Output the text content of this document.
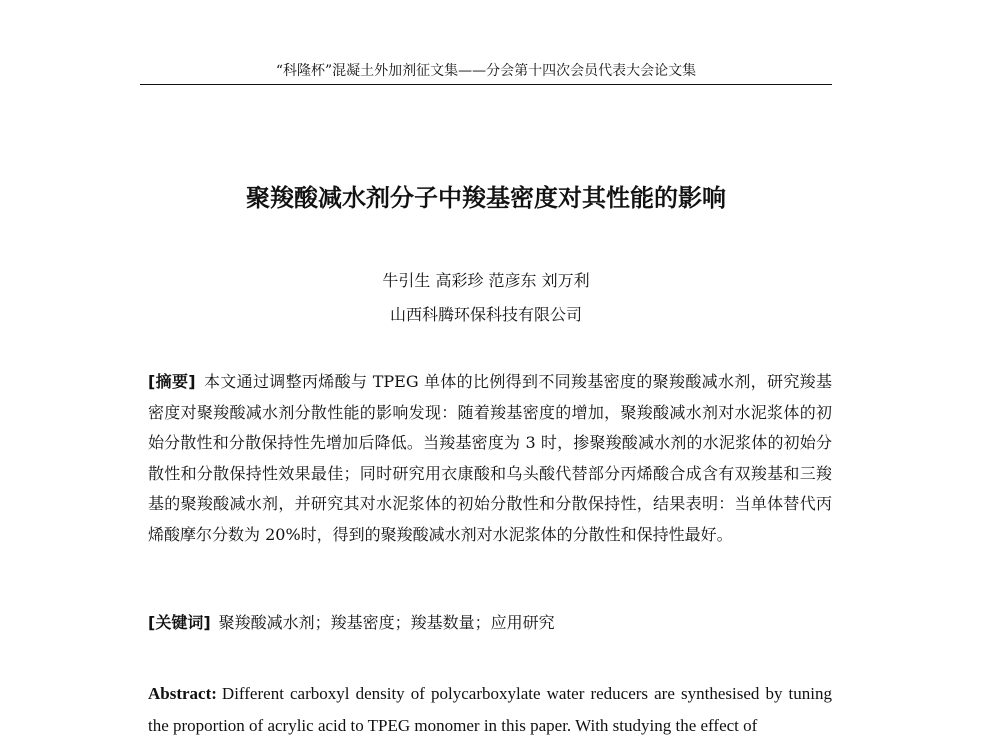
“科隆杯”混凝土外加剂征文集——分会第十四次会员代表大会论文集
聚羧酸减水剂分子中羧基密度对其性能的影响
牛引生 高彩珍 范彦东 刘万利
山西科腾环保科技有限公司

[摘要] 本文通过调整丙烯酸与 TPEG 单体的比例得到不同羧基密度的聚羧酸减水剂，研究羧基密度对聚羧酸减水剂分散性能的影响发现：随着羧基密度的增加，聚羧酸减水剂对水泥浆体的初始分散性和分散保持性先增加后降低。当羧基密度为 3 时，掺聚羧酸减水剂的水泥浆体的初始分散性和分散保持性效果最佳；同时研究用衣康酸和乌头酸代替部分丙烯酸合成含有双羧基和三羧基的聚羧酸减水剂，并研究其对水泥浆体的初始分散性和分散保持性，结果表明：当单体替代丙烯酸摩尔分数为 20%时，得到的聚羧酸减水剂对水泥浆体的分散性和保持性最好。

[关键词] 聚羧酸减水剂；羧基密度；羧基数量；应用研究

Abstract: Different carboxyl density of polycarboxylate water reducers are synthesised by tuning the proportion of acrylic acid to TPEG monomer in this paper. With studying the effect of
